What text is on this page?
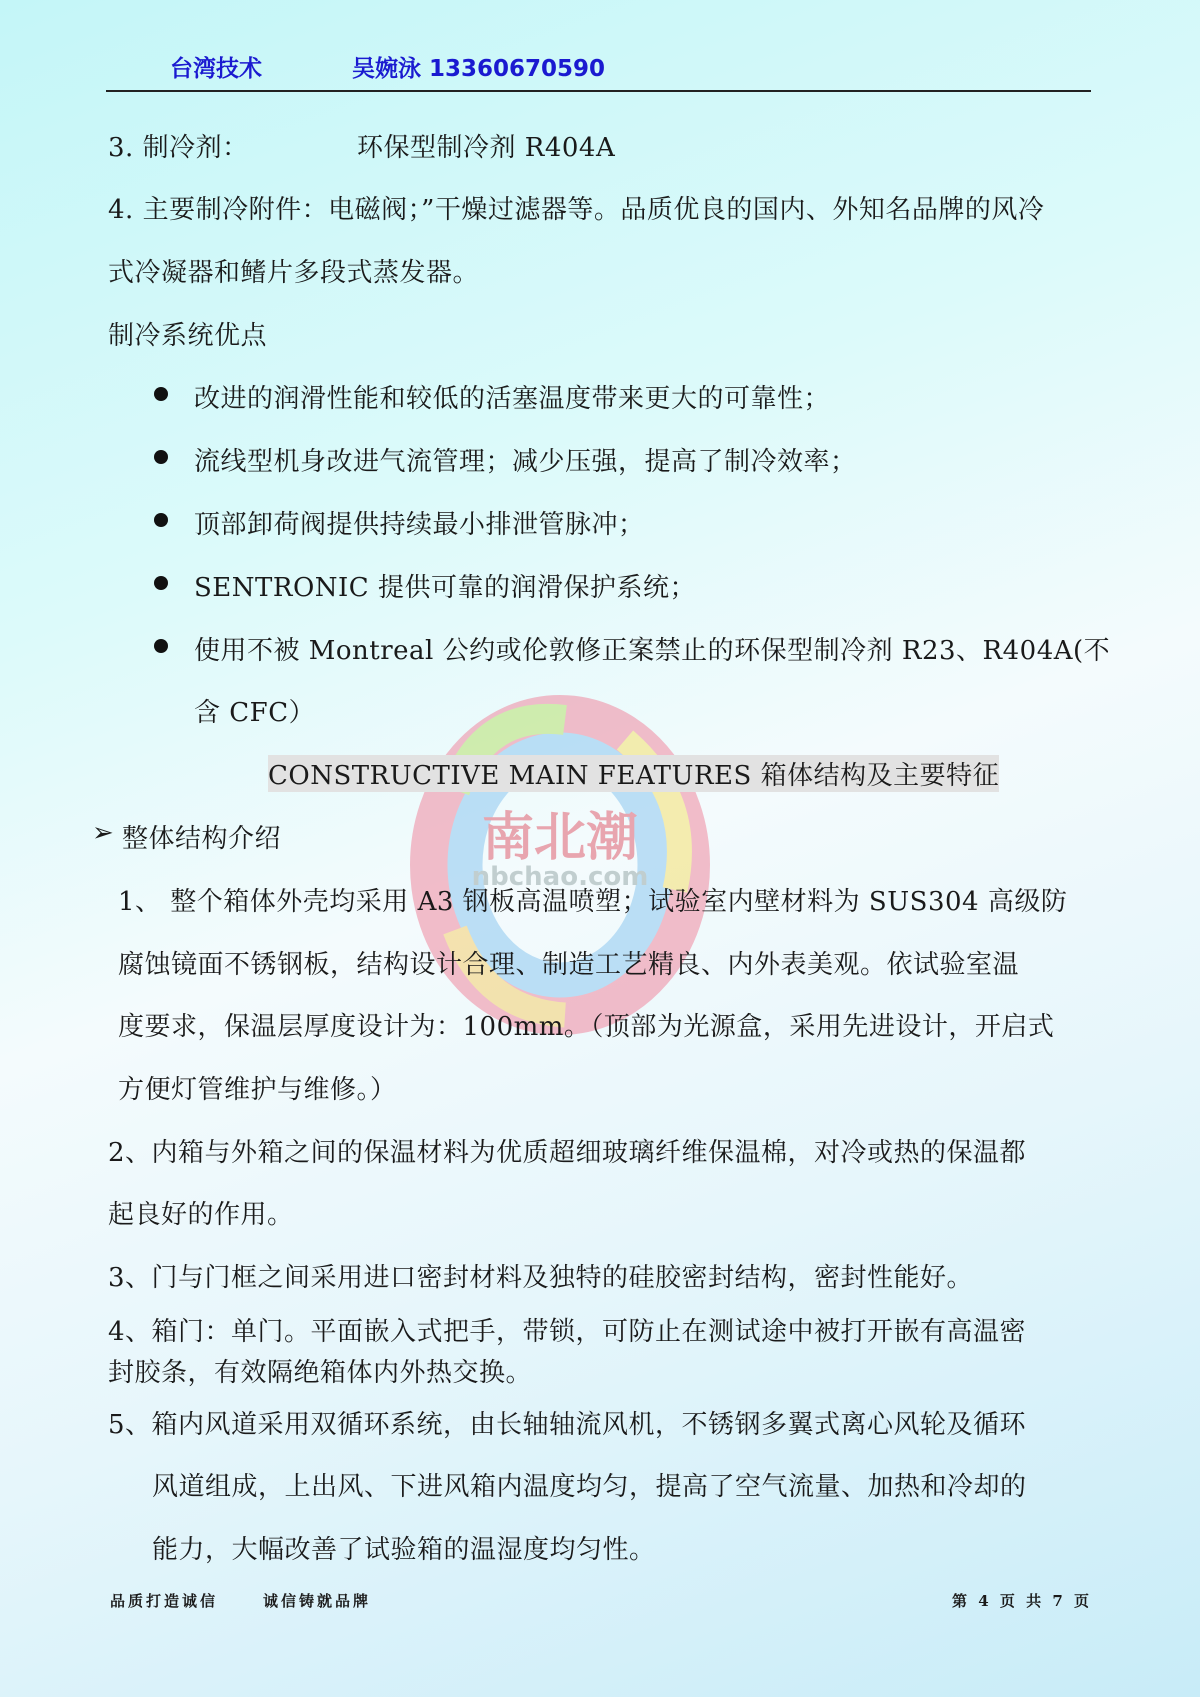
南北潮
nbchao.com
台湾技术	吴婉泳 13360670590
3. 制冷剂：	环保型制冷剂 R404A
4. 主要制冷附件：电磁阀；”干燥过滤器等。品质优良的国内、外知名品牌的风冷
式冷凝器和鳍片多段式蒸发器。
制冷系统优点
改进的润滑性能和较低的活塞温度带来更大的可靠性；
流线型机身改进气流管理；减少压强，提高了制冷效率；
顶部卸荷阀提供持续最小排泄管脉冲；
SENTRONIC 提供可靠的润滑保护系统；
使用不被 Montreal 公约或伦敦修正案禁止的环保型制冷剂 R23、R404A(不
含 CFC）
CONSTRUCTIVE MAIN FEATURES 箱体结构及主要特征
➢ 整体结构介绍
1、 整个箱体外壳均采用 A3 钢板高温喷塑；试验室内壁材料为 SUS304 高级防
腐蚀镜面不锈钢板，结构设计合理、制造工艺精良、内外表美观。依试验室温
度要求，保温层厚度设计为：100mm。（顶部为光源盒，采用先进设计，开启式
方便灯管维护与维修。）
2、内箱与外箱之间的保温材料为优质超细玻璃纤维保温棉，对冷或热的保温都
起良好的作用。
3、门与门框之间采用进口密封材料及独特的硅胶密封结构，密封性能好。
4、箱门：单门。平面嵌入式把手，带锁，可防止在测试途中被打开嵌有高温密
封胶条，有效隔绝箱体内外热交换。
5、箱内风道采用双循环系统，由长轴轴流风机，不锈钢多翼式离心风轮及循环
风道组成，上出风、下进风箱内温度均匀，提高了空气流量、加热和冷却的
能力，大幅改善了试验箱的温湿度均匀性。
品质打造诚信	诚信铸就品牌	第 4 页 共 7 页
